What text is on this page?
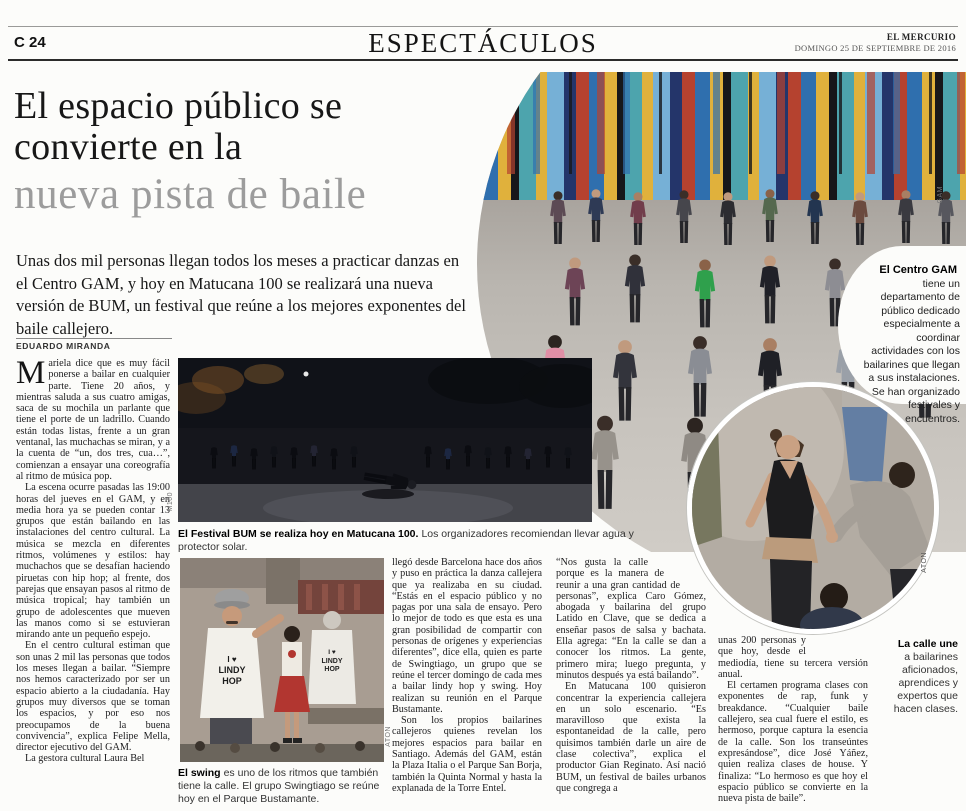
C 24	ESPECTÁCULOS	EL MERCURIO
DOMINGO 25 DE SEPTIEMBRE DE 2016
GAM

El Centro GAM
tiene un departamento de público dedicado especialmente a coordinar actividades con los bailarines que llegan a sus instalaciones. Se han organizado festivales y encuentros.

ATON
La calle une
a bailarines aficionados, aprendices y expertos que hacen clases.
El espacio público se
convierte en la
nueva pista de baile
Unas dos mil personas llegan todos los meses a practicar danzas en el Centro GAM, y hoy en Matucana 100 se realizará una nueva versión de BUM, un festival que reúne a los mejores exponentes del baile callejero.
EDUARDO MIRANDA

Mariela dice que es muy fácil ponerse a bailar en cualquier parte. Tiene 20 años, y mientras saluda a sus cuatro amigas, saca de su mochila un parlante que tiene el porte de un ladrillo. Cuando están todas listas, frente a un gran ventanal, las muchachas se miran, y a la cuenta de “un, dos tres, cua…”, comienzan a ensayar una coreografía al ritmo de música pop.

La escena ocurre pasadas las 19:00 horas del jueves en el GAM, y en media hora ya se pueden contar 13 grupos que están bailando en las instalaciones del centro cultural. La música se mezcla en diferentes ritmos, volúmenes y estilos: hay muchachos que se desafían haciendo piruetas con hip hop; al frente, dos parejas que ensayan pasos al ritmo de música tropical; hay también un grupo de adolescentes que mueven las manos como si se estuvieran mirando ante un pequeño espejo.

En el centro cultural estiman que son unas 2 mil las personas que todos los meses llegan a bailar. “Siempre nos hemos caracterizado por ser un espacio abierto a la ciudadanía. Hay grupos muy diversos que se toman los espacios, y por eso nos preocupamos de la buena convivencia”, explica Felipe Mella, director ejecutivo del GAM.

La gestora cultural Laura Bel

M100
El Festival BUM se realiza hoy en Matucana 100. Los organizadores recomiendan llevar agua y protector solar.
I ♥
LINDY
HOP
I ♥
LINDY
HOP
ATON
El swing es uno de los ritmos que también tiene la calle. El grupo Swingtiago se reúne hoy en el Parque Bustamante.

llegó desde Barcelona hace dos años y puso en práctica la danza callejera que ya realizaba en su ciudad. “Estás en el espacio público y no pagas por una sala de ensayo. Pero lo mejor de todo es que esta es una gran posibilidad de compartir con personas de orígenes y experiencias diferentes”, dice ella, quien es parte de Swingtiago, un grupo que se reúne el tercer domingo de cada mes a bailar lindy hop y swing. Hoy realizan su reunión en el Parque Bustamante.

Son los propios bailarines callejeros quienes revelan los mejores espacios para bailar en Santiago. Además del GAM, están la Plaza Italia o el Parque San Borja, también la Quinta Normal y hasta la explanada de la Torre Entel.

“Nos gusta la calle porque es la manera de reunir a una gran cantidad de personas”, explica Caro Gómez, abogada y bailarina del grupo Latido en Clave, que se dedica a enseñar pasos de salsa y bachata. Ella agrega: “En la calle se dan a conocer los ritmos. La gente, primero mira; luego pregunta, y minutos después ya está bailando”.

En Matucana 100 quisieron concentrar la experiencia callejera en un solo escenario. “Es maravilloso que exista la espontaneidad de la calle, pero quisimos también darle un aire de clase colectiva”, explica el productor Gian Reginato. Así nació BUM, un festival de bailes urbanos que congrega a

unas 200 personas y que hoy, desde el mediodía, tiene su tercera versión anual.

El certamen programa clases con exponentes de rap, funk y breakdance. “Cualquier baile callejero, sea cual fuere el estilo, es hermoso, porque captura la esencia de la calle. Son los transeúntes expresándose”, dice José Yáñez, quien realiza clases de house. Y finaliza: “Lo hermoso es que hoy el espacio público se convierte en la nueva pista de baile”.
